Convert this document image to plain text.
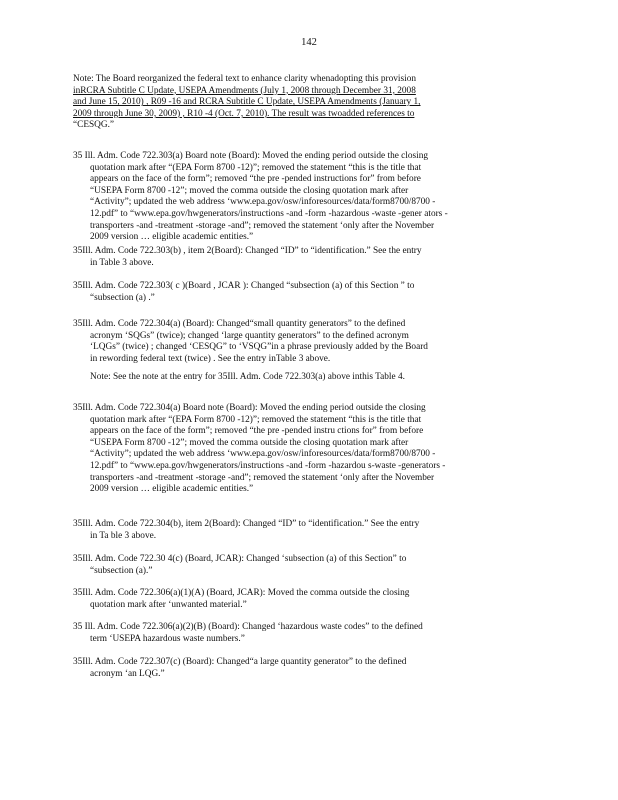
142
Note: The Board reorganized the federal text to enhance clarity whenadopting this provision
inRCRA Subtitle C Update, USEPA Amendments (July 1, 2008 through December 31, 2008
and June 15, 2010) , R09 -16 and RCRA Subtitle C Update, USEPA Amendments (January 1,
2009 through June 30, 2009) , R10 -4 (Oct. 7, 2010). The result was twoadded references to
“CESQG.”
35 Ill. Adm. Code 722.303(a) Board note (Board): Moved the ending period outside the closing
quotation mark after “(EPA Form 8700 -12)”; removed the statement “this is the title that
appears on the face of the form”; removed “the pre -pended instructions for” from before
“USEPA Form 8700 -12”; moved the comma outside the closing quotation mark after
“Activity”; updated the web address ‘www.epa.gov/osw/inforesources/data/form8700/8700 -
12.pdf” to “www.epa.gov/hwgenerators/instructions -and -form -hazardous -waste -gener ators -
transporters -and -treatment -storage -and”; removed the statement ‘only after the November
2009 version … eligible academic entities.”
35Ill. Adm. Code 722.303(b) , item 2(Board): Changed “ID” to “identification.” See the entry
in Table 3 above.
35Ill. Adm. Code 722.303( c )(Board , JCAR ): Changed “subsection (a) of this Section ” to
“subsection (a) .”
35Ill. Adm. Code 722.304(a) (Board): Changed“small quantity generators” to the defined
acronym ‘SQGs” (twice); changed ‘large quantity generators” to the defined acronym
‘LQGs” (twice) ; changed ‘CESQG” to ‘VSQG”in a phrase previously added by the Board
in rewording federal text (twice) . See the entry inTable 3 above.
Note: See the note at the entry for 35Ill. Adm. Code 722.303(a) above inthis Table 4.
35Ill. Adm. Code 722.304(a) Board note (Board): Moved the ending period outside the closing
quotation mark after “(EPA Form 8700 -12)”; removed the statement “this is the title that
appears on the face of the form”; removed “the pre -pended instru ctions for” from before
“USEPA Form 8700 -12”; moved the comma outside the closing quotation mark after
“Activity”; updated the web address ‘www.epa.gov/osw/inforesources/data/form8700/8700 -
12.pdf” to “www.epa.gov/hwgenerators/instructions -and -form -hazardou s-waste -generators -
transporters -and -treatment -storage -and”; removed the statement ‘only after the November
2009 version … eligible academic entities.”
35Ill. Adm. Code 722.304(b), item 2(Board): Changed “ID” to “identification.” See the entry
in Ta ble 3 above.
35Ill. Adm. Code 722.30 4(c) (Board, JCAR): Changed ‘subsection (a) of this Section” to
“subsection (a).”
35Ill. Adm. Code 722.306(a)(1)(A) (Board, JCAR): Moved the comma outside the closing
quotation mark after ‘unwanted material.”
35 Ill. Adm. Code 722.306(a)(2)(B) (Board): Changed ‘hazardous waste codes” to the defined
term ‘USEPA hazardous waste numbers.”
35Ill. Adm. Code 722.307(c) (Board): Changed“a large quantity generator” to the defined
acronym ‘an LQG.”
